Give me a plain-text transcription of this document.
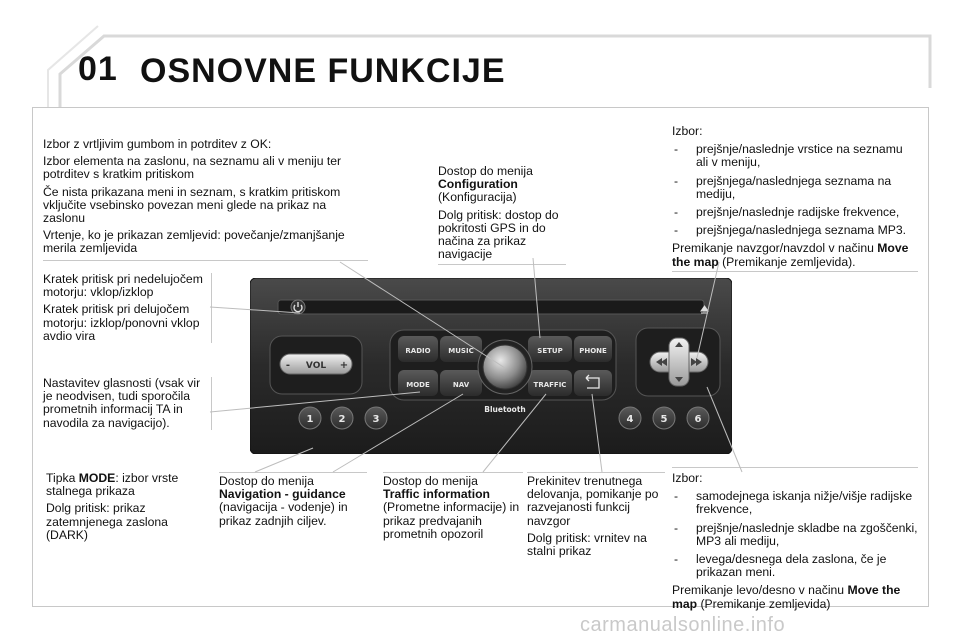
01 OSNOVNE FUNKCIJE

Izbor z vrtljivim gumbom in potrditev z OK:

Izbor elementa na zaslonu, na seznamu ali v meniju ter potrditev s kratkim pritiskom

Če nista prikazana meni in seznam, s kratkim pritiskom vključite vsebinsko povezan meni glede na prikaz na zaslonu

Vrtenje, ko je prikazan zemljevid: povečanje/zmanjšanje merila zemljevida

Dostop do menija
Configuration
(Konfiguracija)
Dolg pritisk: dostop do pokritosti GPS in do načina za prikaz navigacije
Izbor:
- prejšnje/naslednje vrstice na seznamu ali v meniju,
- prejšnjega/naslednjega seznama na mediju,
- prejšnje/naslednje radijske frekvence,
- prejšnjega/naslednjega seznama MP3.
Premikanje navzgor/navzdol v načinu Move the map (Premikanje zemljevida).

Kratek pritisk pri nedelujočem motorju: vklop/izklop

Kratek pritisk pri delujočem motorju: izklop/ponovni vklop avdio vira

Nastavitev glasnosti (vsak vir je neodvisen, tudi sporočila prometnih informacij TA in navodila za navigacijo).

Tipka MODE: izbor vrste stalnega prikaza

Dolg pritisk: prikaz zatemnjenega zaslona (DARK)

Dostop do menija
Navigation - guidance
(navigacija - vodenje) in prikaz zadnjih ciljev.
Dostop do menija
Traffic information
(Prometne informacije) in prikaz predvajanih prometnih opozoril

Prekinitev trenutnega delovanja, pomikanje po razvejanosti funkcij navzgor

Dolg pritisk: vrnitev na stalni prikaz

Izbor:
- samodejnega iskanja nižje/višje radijske frekvence,
- prejšnje/naslednje skladbe na zgoščenki, MP3 ali mediju,
- levega/desnega dela zaslona, če je prikazan meni.
Premikanje levo/desno v načinu Move the map (Premikanje zemljevida)
VOL
-	+
RADIO	MUSIC	SETUP PHONE
MODE	NAV	TRAFFIC
Bluetooth
1	2	3	4	5	6
carmanualsonline.info
